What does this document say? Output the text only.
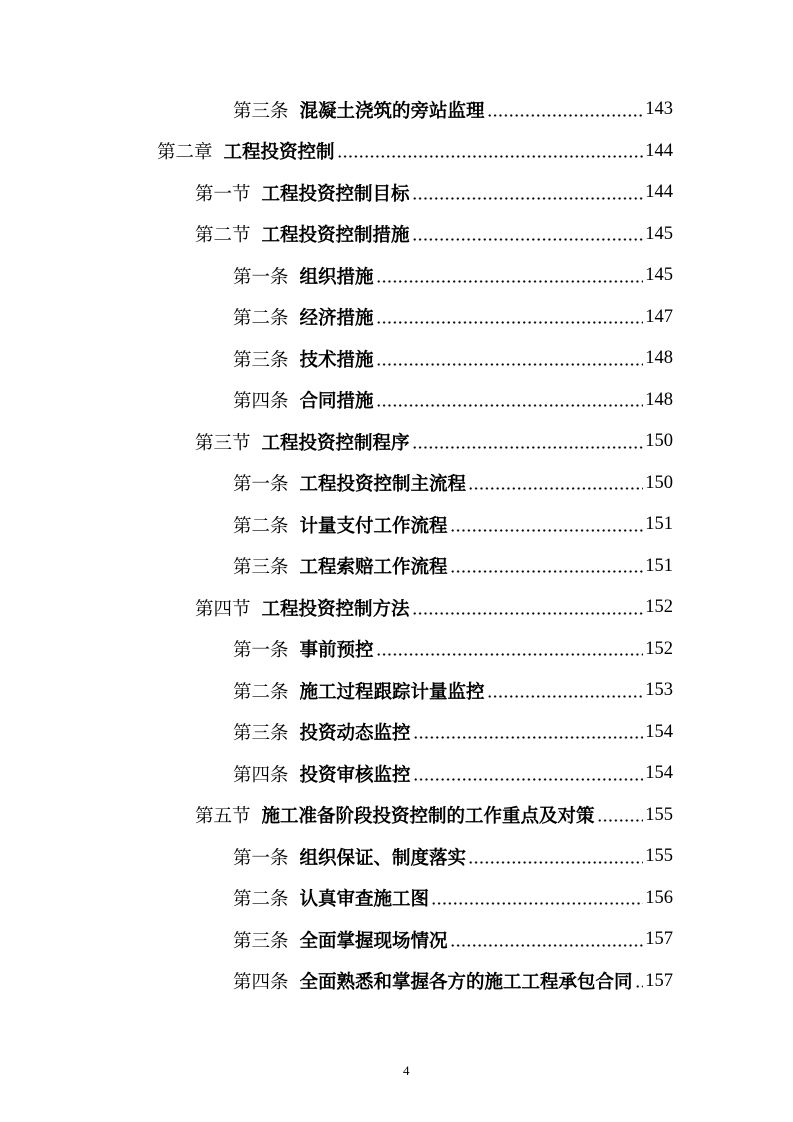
第三条 混凝土浇筑的旁站监理	143
第二章 工程投资控制	144
第一节 工程投资控制目标	144
第二节 工程投资控制措施	145
第一条 组织措施	145
第二条 经济措施	147
第三条 技术措施	148
第四条 合同措施	148
第三节 工程投资控制程序	150
第一条 工程投资控制主流程	150
第二条 计量支付工作流程	151
第三条 工程索赔工作流程	151
第四节 工程投资控制方法	152
第一条 事前预控	152
第二条 施工过程跟踪计量监控	153
第三条 投资动态监控	154
第四条 投资审核监控	154
第五节 施工准备阶段投资控制的工作重点及对策	155
第一条 组织保证、制度落实	155
第二条 认真审查施工图	156
第三条 全面掌握现场情况	157
第四条 全面熟悉和掌握各方的施工工程承包合同 157
4
